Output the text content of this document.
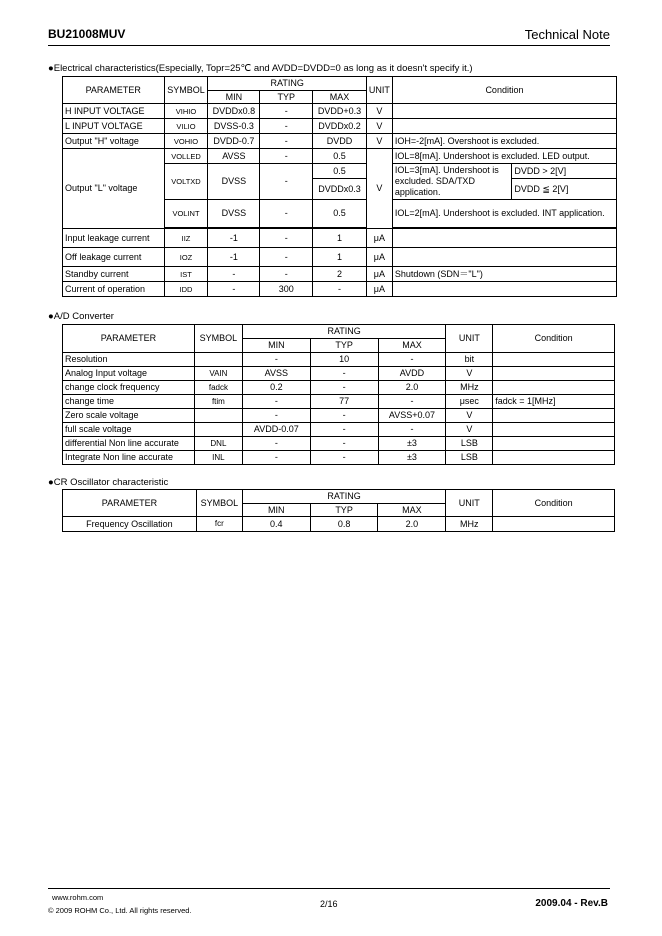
BU21008MUV	Technical Note
●Electrical characteristics(Especially, Topr=25℃ and AVDD=DVDD=0 as long as it doesn't specify it.)
PARAMETER	SYMBOL	RATING			UNIT	Condition	
		MIN	TYP	MAX			
H INPUT VOLTAGE	VIHIO	DVDDx0.8	-	DVDD+0.3	V		
L INPUT VOLTAGE	VILIO	DVSS-0.3	-	DVDDx0.2	V		
Output "H" voltage	VOHIO	DVDD-0.7	-	DVDD	V	IOH=-2[mA]. Overshoot is excluded.	
Output "L" voltage	VOLLED	AVSS	-	0.5	V	IOL=8[mA]. Undershoot is excluded. LED output.	
	VOLTXD	DVSS	-	0.5		IOL=3[mA]. Undershoot is excluded. SDA/TXD application.	DVDD > 2[V]
				DVDDx0.3			DVDD ≦ 2[V]
	VOLINT	DVSS	-	0.5		IOL=2[mA]. Undershoot is excluded. INT application.	

Input leakage current	IIZ	-1	-	1	μA		
Off leakage current	IOZ	-1	-	1	μA		
Standby current	IST	-	-	2	μA	Shutdown (SDN＝"L")	
Current of operation	IDD	-	300	-	μA		
●A/D Converter
PARAMETER	SYMBOL	RATING			UNIT	Condition
		MIN	TYP	MAX		
Resolution		-	10	-	bit	
Analog Input voltage	VAIN	AVSS	-	AVDD	V	
change clock frequency	fadck	0.2	-	2.0	MHz	
change time	ftim	-	77	-	μsec	fadck = 1[MHz]
Zero scale voltage		-	-	AVSS+0.07	V	
full scale voltage		AVDD-0.07	-	-	V	
differential Non line accurate	DNL	-	-	±3	LSB	
Integrate Non line accurate	INL	-	-	±3	LSB	
●CR Oscillator characteristic
PARAMETER	SYMBOL	RATING			UNIT	Condition
		MIN	TYP	MAX		
Frequency Oscillation	fcr	0.4	0.8	2.0	MHz	
www.rohm.com
© 2009 ROHM Co., Ltd. All rights reserved.
2/16	2009.04 - Rev.B
